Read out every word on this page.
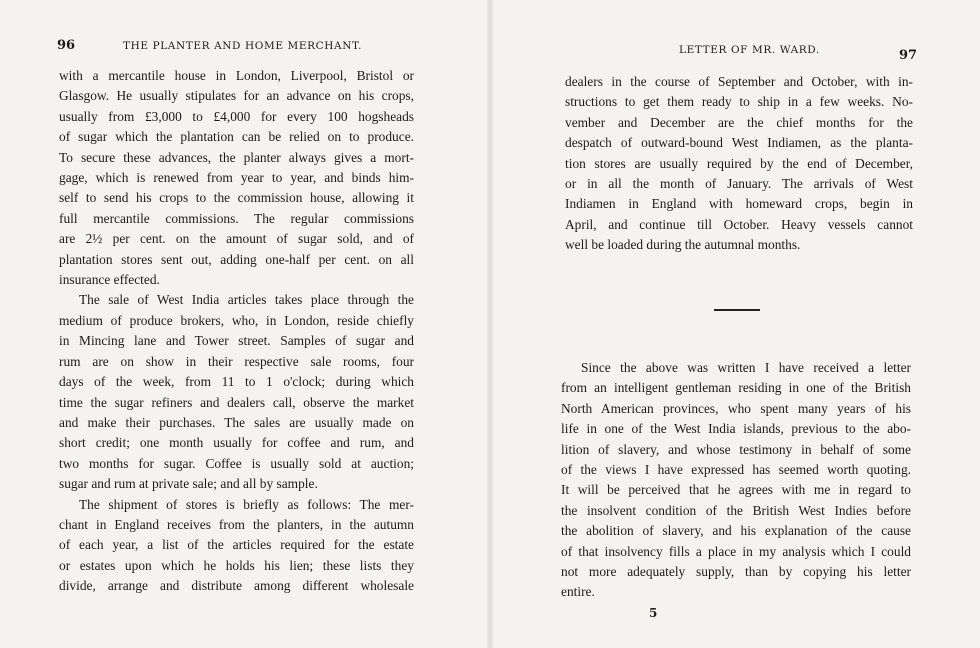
96	THE PLANTER AND HOME MERCHANT.
with a mercantile house in London, Liverpool, Bristol or
Glasgow. He usually stipulates for an advance on his crops,
usually from £3,000 to £4,000 for every 100 hogsheads
of sugar which the plantation can be relied on to produce.
To secure these advances, the planter always gives a mort-
gage, which is renewed from year to year, and binds him-
self to send his crops to the commission house, allowing it
full mercantile commissions. The regular commissions
are 2½ per cent. on the amount of sugar sold, and of
plantation stores sent out, adding one-half per cent. on all
insurance effected.
The sale of West India articles takes place through the
medium of produce brokers, who, in London, reside chiefly
in Mincing lane and Tower street. Samples of sugar and
rum are on show in their respective sale rooms, four
days of the week, from 11 to 1 o'clock; during which
time the sugar refiners and dealers call, observe the market
and make their purchases. The sales are usually made on
short credit; one month usually for coffee and rum, and
two months for sugar. Coffee is usually sold at auction;
sugar and rum at private sale; and all by sample.
The shipment of stores is briefly as follows: The mer-
chant in England receives from the planters, in the autumn
of each year, a list of the articles required for the estate
or estates upon which he holds his lien; these lists they
divide, arrange and distribute among different wholesale
LETTER OF MR. WARD.	97
dealers in the course of September and October, with in-
structions to get them ready to ship in a few weeks. No-
vember and December are the chief months for the
despatch of outward-bound West Indiamen, as the planta-
tion stores are usually required by the end of December,
or in all the month of January. The arrivals of West
Indiamen in England with homeward crops, begin in
April, and continue till October. Heavy vessels cannot
well be loaded during the autumnal months.
Since the above was written I have received a letter
from an intelligent gentleman residing in one of the British
North American provinces, who spent many years of his
life in one of the West India islands, previous to the abo-
lition of slavery, and whose testimony in behalf of some
of the views I have expressed has seemed worth quoting.
It will be perceived that he agrees with me in regard to
the insolvent condition of the British West Indies before
the abolition of slavery, and his explanation of the cause
of that insolvency fills a place in my analysis which I could
not more adequately supply, than by copying his letter
entire.
5
